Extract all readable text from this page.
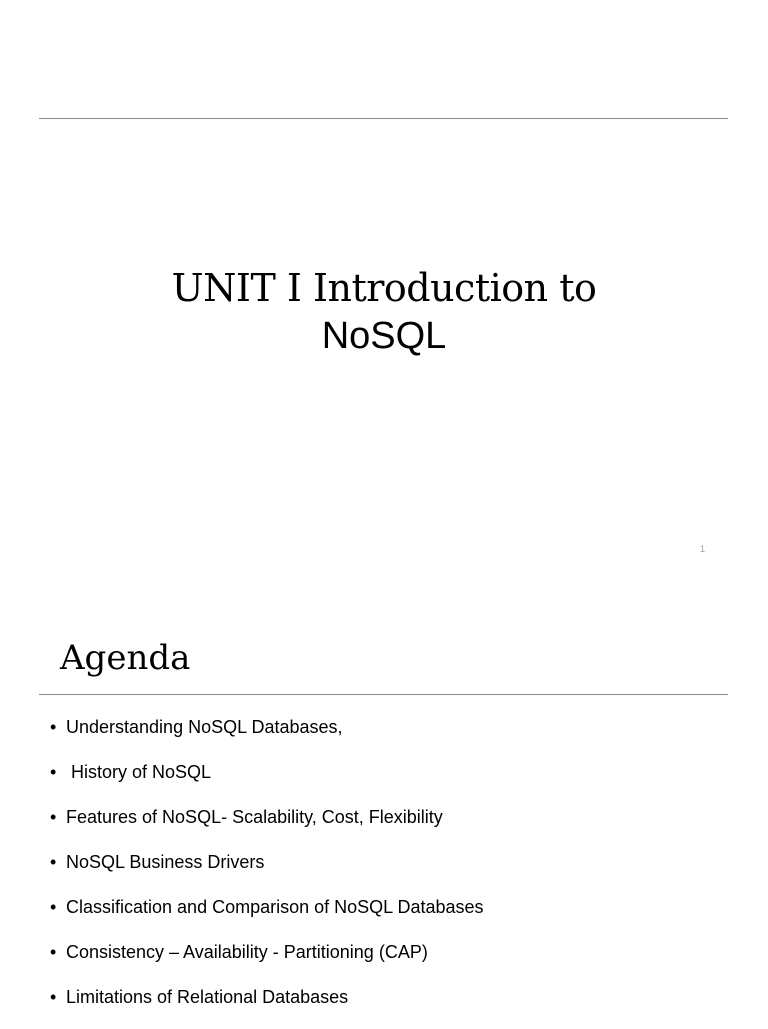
UNIT I Introduction to
NoSQL
1
Agenda
• Understanding NoSQL Databases,
• History of NoSQL
• Features of NoSQL- Scalability, Cost, Flexibility
• NoSQL Business Drivers
• Classification and Comparison of NoSQL Databases
• Consistency – Availability - Partitioning (CAP)
• Limitations of Relational Databases
